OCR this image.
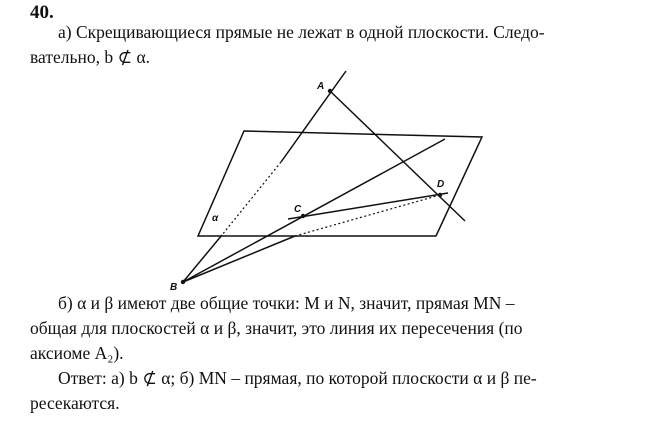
40.
а) Скрещивающиеся прямые не лежат в одной плоскости. Следо-
вательно, b ⊄ α.
A
C
D
B
α
б) α и β имеют две общие точки: M и N, значит, прямая MN –
общая для плоскостей α и β, значит, это линия их пересечения (по
аксиоме A₂).
Ответ: а) b ⊄ α; б) MN – прямая, по которой плоскости α и β пе-
ресекаются.
